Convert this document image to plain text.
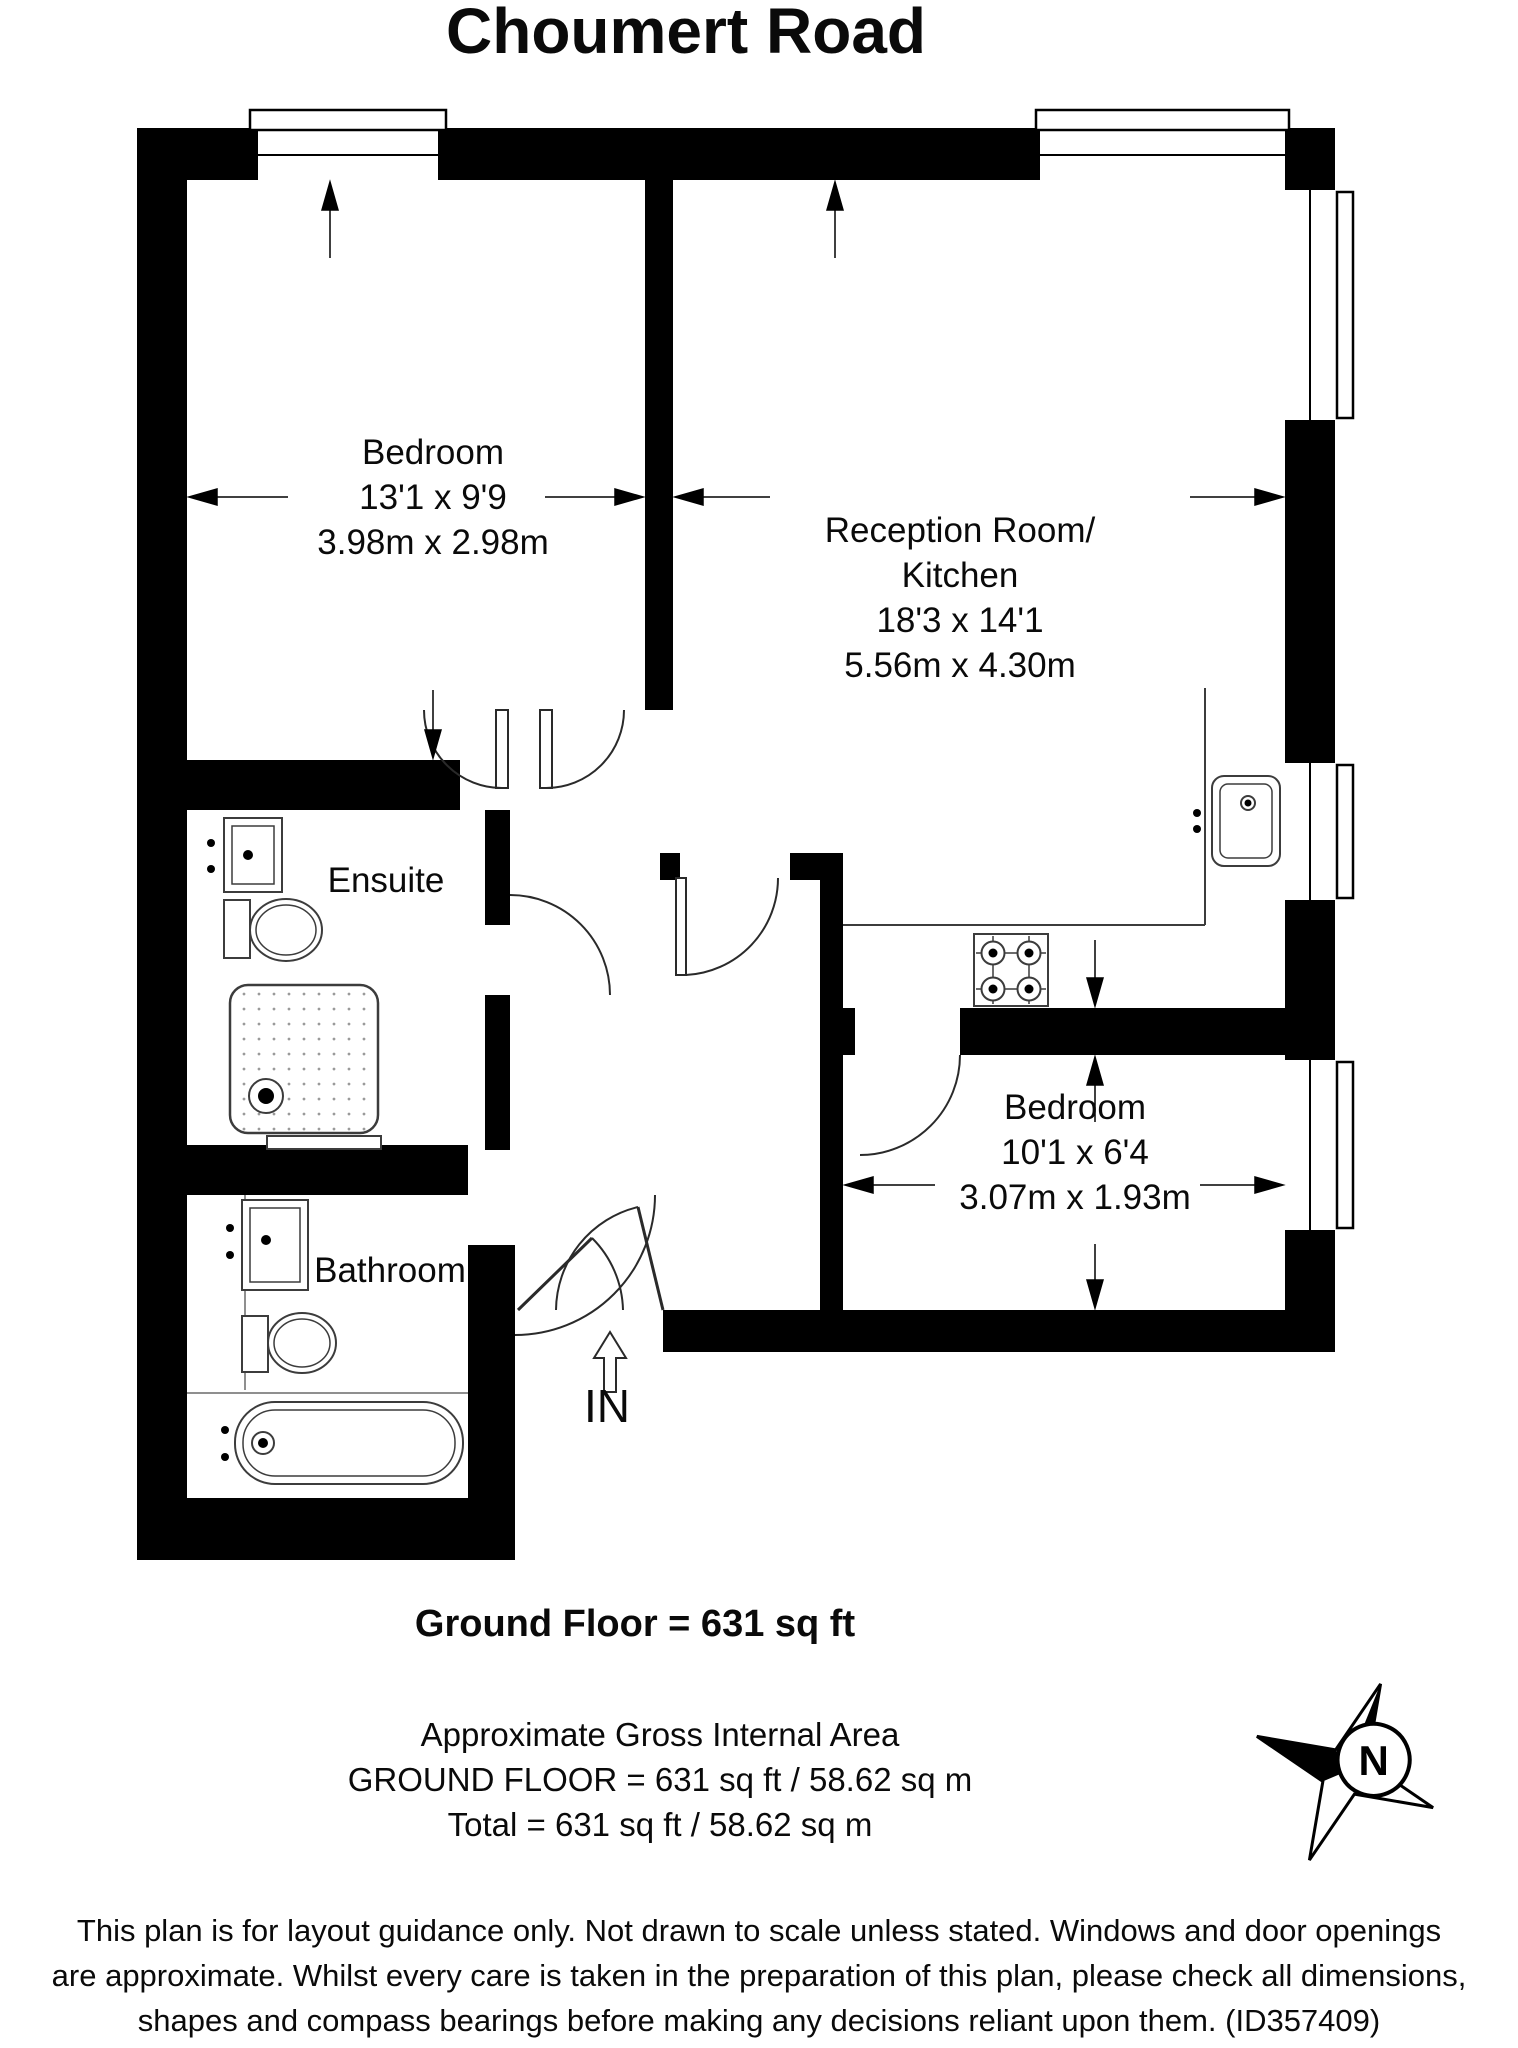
N
Choumert Road
Bedroom
13'1 x 9'9
3.98m x 2.98m	Reception Room/
Kitchen
18'3 x 14'1
5.56m x 4.30m
Ensuite
Bathroom
Bedroom
10'1 x 6'4
3.07m x 1.93m
IN
Ground Floor = 631 sq ft
Approximate Gross Internal Area
GROUND FLOOR = 631 sq ft / 58.62 sq m
Total = 631 sq ft / 58.62 sq m
This plan is for layout guidance only. Not drawn to scale unless stated. Windows and door openings
are approximate. Whilst every care is taken in the preparation of this plan, please check all dimensions,
shapes and compass bearings before making any decisions reliant upon them. (ID357409)
